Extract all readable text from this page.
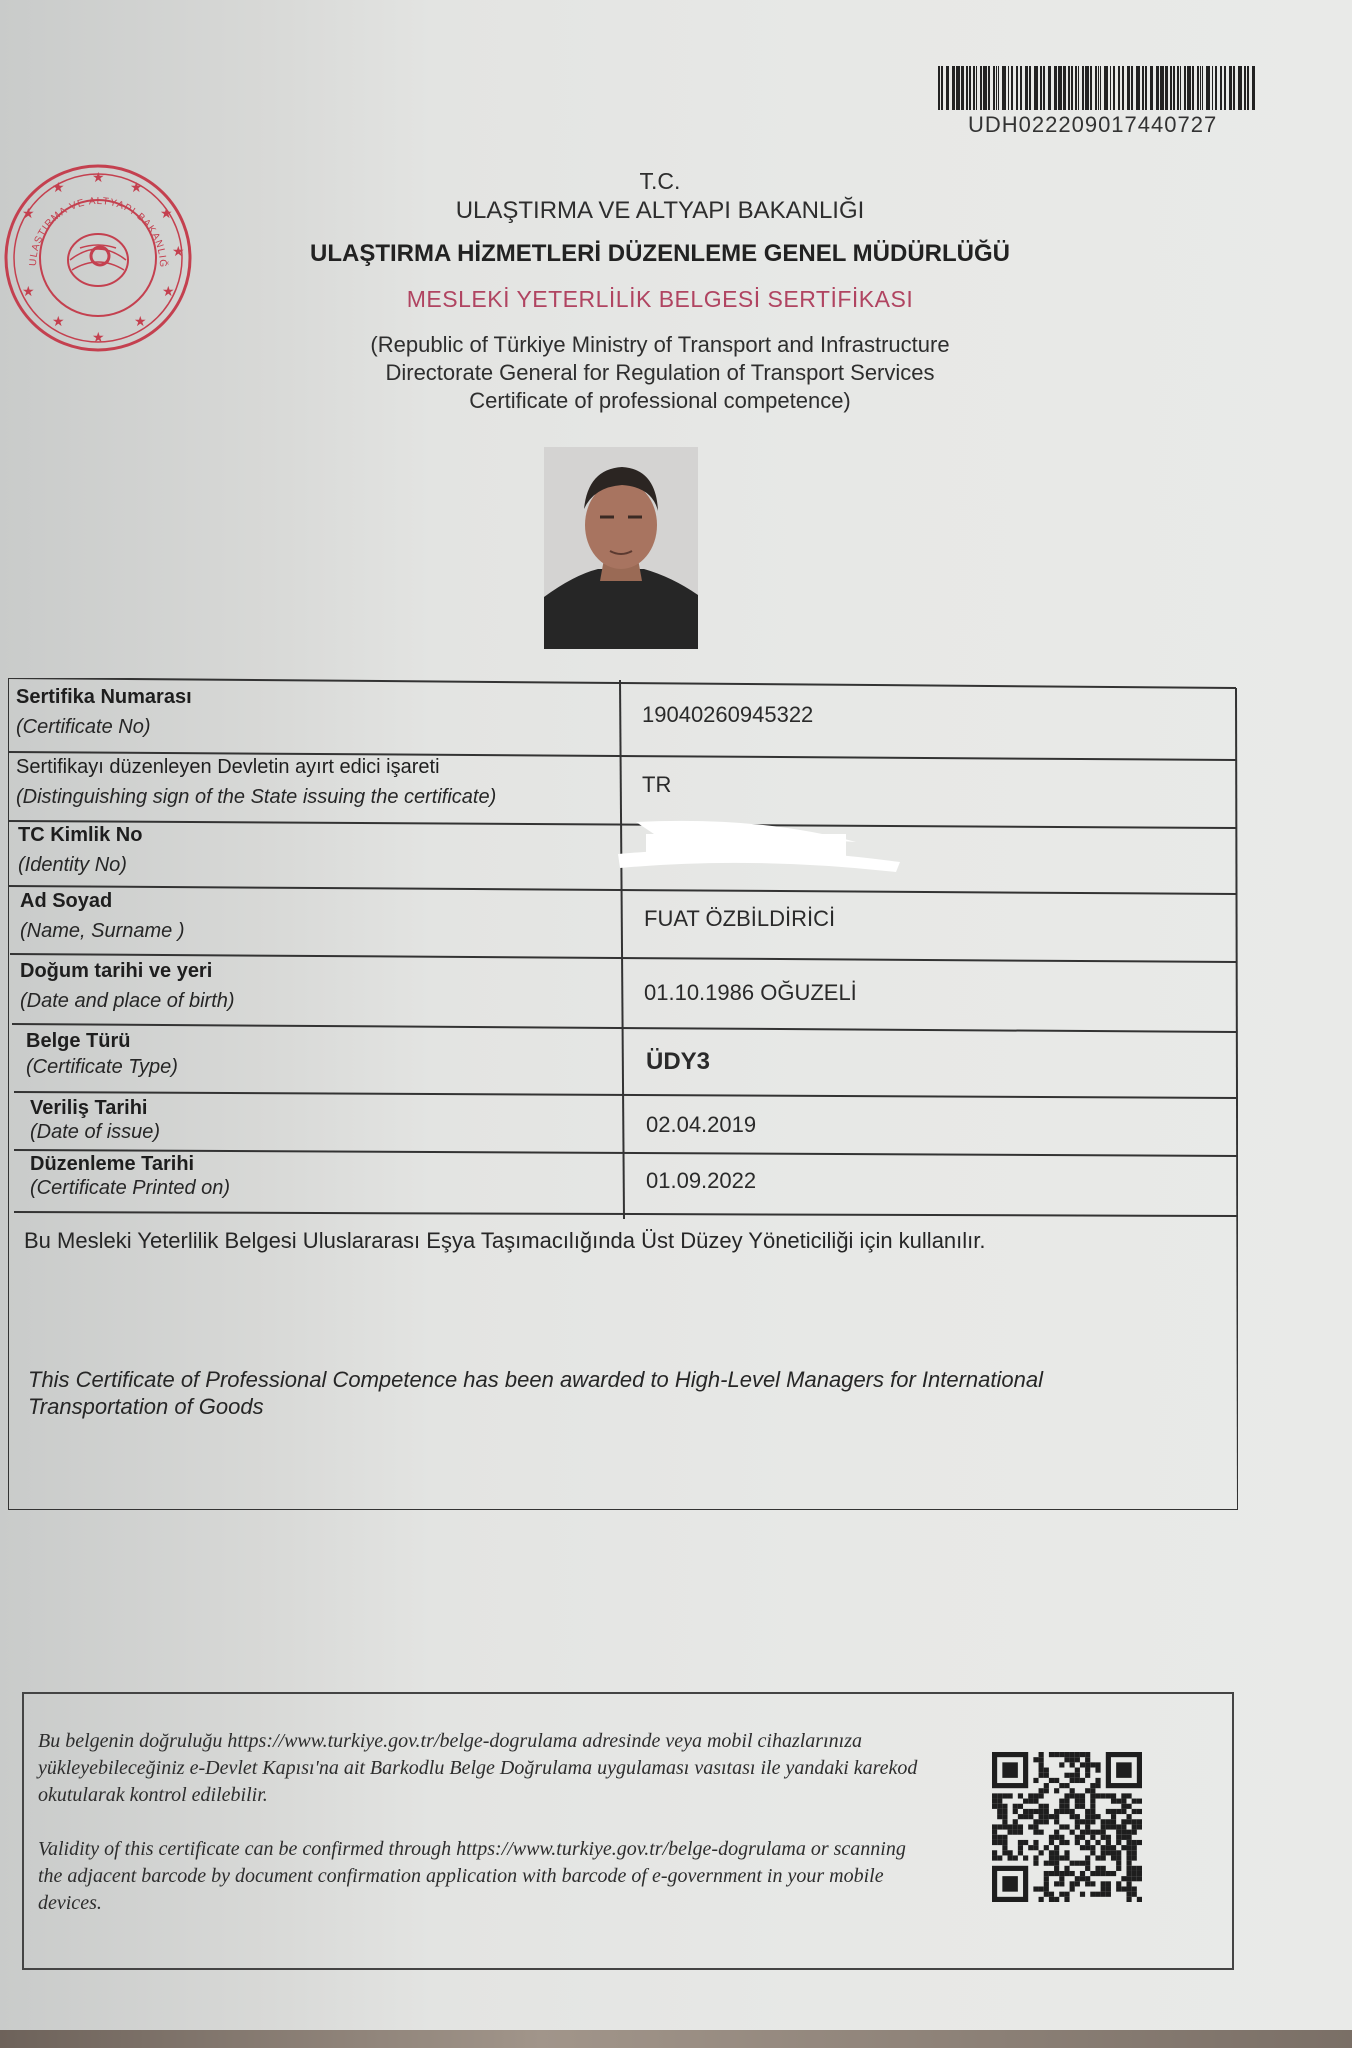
UDH022209017440727
★
★
★
★
★
★
★
★
★
★
★
ULAŞTIRMA VE ALTYAPI BAKANLIĞ
T.C.
ULAŞTIRMA VE ALTYAPI BAKANLIĞI
ULAŞTIRMA HİZMETLERİ DÜZENLEME GENEL MÜDÜRLÜĞÜ
MESLEKİ YETERLİLİK BELGESİ SERTİFİKASI
(Republic of Türkiye Ministry of Transport and Infrastructure
Directorate General for Regulation of Transport Services
Certificate of professional competence)
Sertifika Numarası
(Certificate No)
Sertifikayı düzenleyen Devletin ayırt edici işareti
(Distinguishing sign of the State issuing the certificate)
TC Kimlik No
(Identity No)
Ad Soyad
(Name, Surname )
Doğum tarihi ve yeri
(Date and place of birth)
Belge Türü
(Certificate Type)
Veriliş Tarihi
(Date of issue)
Düzenleme Tarihi
(Certificate Printed on)
19040260945322
TR
FUAT ÖZBİLDİRİCİ
01.10.1986 OĞUZELİ
ÜDY3
02.04.2019
01.09.2022
Bu Mesleki Yeterlilik Belgesi Uluslararası Eşya Taşımacılığında Üst Düzey Yöneticiliği için kullanılır.
This Certificate of Professional Competence has been awarded to High-Level Managers for International Transportation of Goods
Bu belgenin doğruluğu https://www.turkiye.gov.tr/belge-dogrulama adresinde veya mobil cihazlarınıza yükleyebileceğiniz e-Devlet Kapısı'na ait Barkodlu Belge Doğrulama uygulaması vasıtası ile yandaki karekod okutularak kontrol edilebilir.
Validity of this certificate can be confirmed through https://www.turkiye.gov.tr/belge-dogrulama or scanning the adjacent barcode by document confirmation application with barcode of e-government in your mobile devices.
